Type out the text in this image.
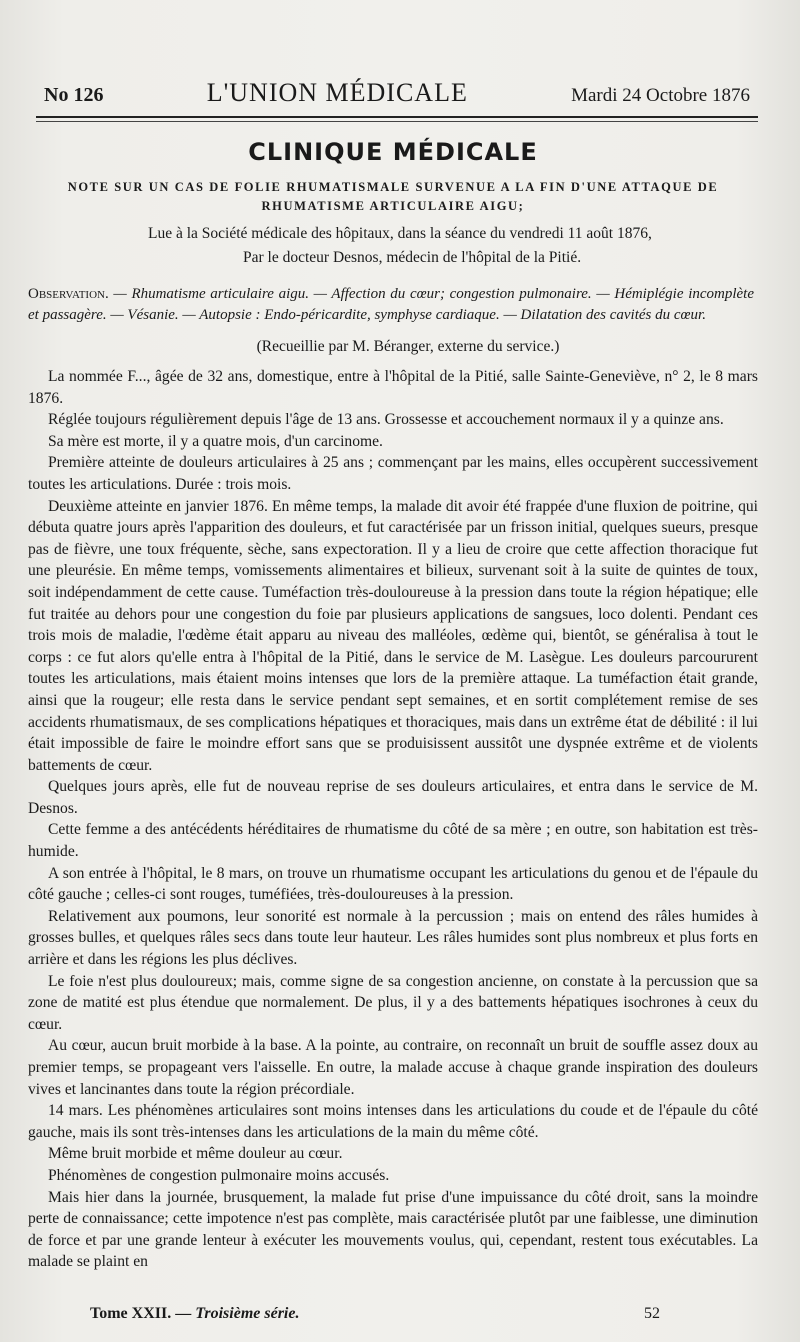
No 126	L'UNION MÉDICALE	Mardi 24 Octobre 1876
CLINIQUE MÉDICALE
NOTE SUR UN CAS DE FOLIE RHUMATISMALE SURVENUE A LA FIN D'UNE ATTAQUE DE RHUMATISME ARTICULAIRE AIGU;
Lue à la Société médicale des hôpitaux, dans la séance du vendredi 11 août 1876,
Par le docteur Desnos, médecin de l'hôpital de la Pitié.
Observation. — Rhumatisme articulaire aigu. — Affection du cœur; congestion pulmonaire. — Hémiplégie incomplète et passagère. — Vésanie. — Autopsie : Endo-péricardite, symphyse cardiaque. — Dilatation des cavités du cœur.
(Recueillie par M. Béranger, externe du service.)

La nommée F..., âgée de 32 ans, domestique, entre à l'hôpital de la Pitié, salle Sainte-Geneviève, n° 2, le 8 mars 1876.

Réglée toujours régulièrement depuis l'âge de 13 ans. Grossesse et accouchement normaux il y a quinze ans.

Sa mère est morte, il y a quatre mois, d'un carcinome.

Première atteinte de douleurs articulaires à 25 ans ; commençant par les mains, elles occupèrent successivement toutes les articulations. Durée : trois mois.

Deuxième atteinte en janvier 1876. En même temps, la malade dit avoir été frappée d'une fluxion de poitrine, qui débuta quatre jours après l'apparition des douleurs, et fut caractérisée par un frisson initial, quelques sueurs, presque pas de fièvre, une toux fréquente, sèche, sans expectoration. Il y a lieu de croire que cette affection thoracique fut une pleurésie. En même temps, vomissements alimentaires et bilieux, survenant soit à la suite de quintes de toux, soit indépendamment de cette cause. Tuméfaction très-douloureuse à la pression dans toute la région hépatique; elle fut traitée au dehors pour une congestion du foie par plusieurs applications de sangsues, loco dolenti. Pendant ces trois mois de maladie, l'œdème était apparu au niveau des malléoles, œdème qui, bientôt, se généralisa à tout le corps : ce fut alors qu'elle entra à l'hôpital de la Pitié, dans le service de M. Lasègue. Les douleurs parcoururent toutes les articulations, mais étaient moins intenses que lors de la première attaque. La tuméfaction était grande, ainsi que la rougeur; elle resta dans le service pendant sept semaines, et en sortit complétement remise de ses accidents rhumatismaux, de ses complications hépatiques et thoraciques, mais dans un extrême état de débilité : il lui était impossible de faire le moindre effort sans que se produisissent aussitôt une dyspnée extrême et de violents battements de cœur.

Quelques jours après, elle fut de nouveau reprise de ses douleurs articulaires, et entra dans le service de M. Desnos.

Cette femme a des antécédents héréditaires de rhumatisme du côté de sa mère ; en outre, son habitation est très-humide.

A son entrée à l'hôpital, le 8 mars, on trouve un rhumatisme occupant les articulations du genou et de l'épaule du côté gauche ; celles-ci sont rouges, tuméfiées, très-douloureuses à la pression.

Relativement aux poumons, leur sonorité est normale à la percussion ; mais on entend des râles humides à grosses bulles, et quelques râles secs dans toute leur hauteur. Les râles humides sont plus nombreux et plus forts en arrière et dans les régions les plus déclives.

Le foie n'est plus douloureux; mais, comme signe de sa congestion ancienne, on constate à la percussion que sa zone de matité est plus étendue que normalement. De plus, il y a des battements hépatiques isochrones à ceux du cœur.

Au cœur, aucun bruit morbide à la base. A la pointe, au contraire, on reconnaît un bruit de souffle assez doux au premier temps, se propageant vers l'aisselle. En outre, la malade accuse à chaque grande inspiration des douleurs vives et lancinantes dans toute la région précordiale.

14 mars. Les phénomènes articulaires sont moins intenses dans les articulations du coude et de l'épaule du côté gauche, mais ils sont très-intenses dans les articulations de la main du même côté.

Même bruit morbide et même douleur au cœur.

Phénomènes de congestion pulmonaire moins accusés.

Mais hier dans la journée, brusquement, la malade fut prise d'une impuissance du côté droit, sans la moindre perte de connaissance; cette impotence n'est pas complète, mais caractérisée plutôt par une faiblesse, une diminution de force et par une grande lenteur à exécuter les mouvements voulus, qui, cependant, restent tous exécutables. La malade se plaint en

Tome XXII. — Troisième série.	52
